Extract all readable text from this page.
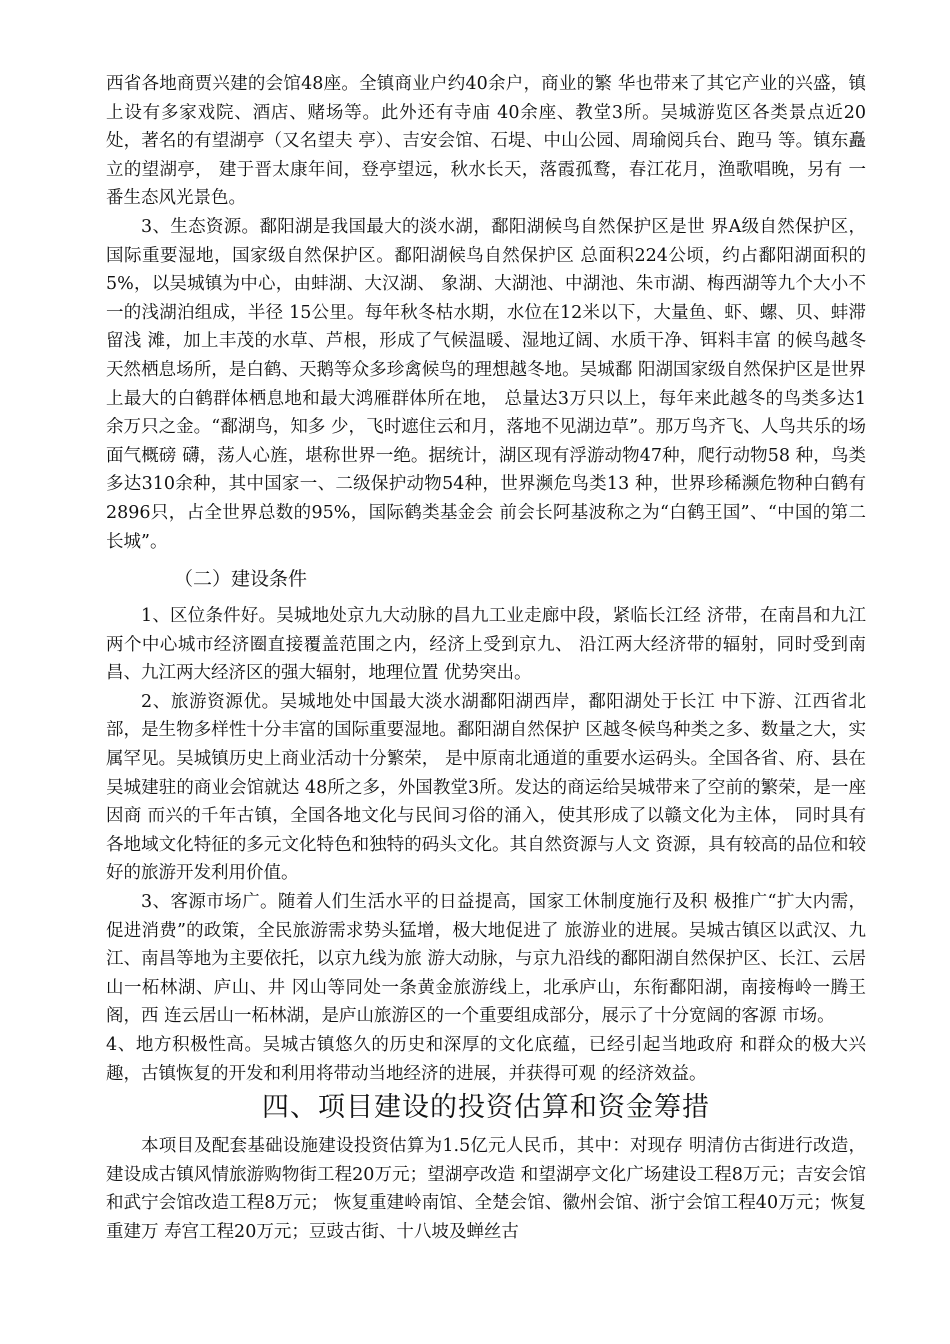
西省各地商贾兴建的会馆48座。全镇商业户约40余户，商业的繁 华也带来了其它产业的兴盛，镇上设有多家戏院、酒店、赌场等。此外还有寺庙 40余座、教堂3所。吴城游览区各类景点近20处，著名的有望湖亭（又名望夫 亭）、吉安会馆、石堤、中山公园、周瑜阅兵台、跑马 等。镇东矗立的望湖亭， 建于晋太康年间，登亭望远，秋水长天，落霞孤鹜，春江花月，渔歌唱晚，另有 一番生态风光景色。

3、生态资源。鄱阳湖是我国最大的淡水湖，鄱阳湖候鸟自然保护区是世 界A级自然保护区，国际重要湿地，国家级自然保护区。鄱阳湖候鸟自然保护区 总面积224公顷，约占鄱阳湖面积的5%，以吴城镇为中心，由蚌湖、大汉湖、 象湖、大湖池、中湖池、朱市湖、梅西湖等九个大小不一的浅湖泊组成，半径 15公里。每年秋冬枯水期，水位在12米以下，大量鱼、虾、螺、贝、蚌滞留浅 滩，加上丰茂的水草、芦根，形成了气候温暖、湿地辽阔、水质干净、铒料丰富 的候鸟越冬天然栖息场所，是白鹤、天鹅等众多珍禽候鸟的理想越冬地。吴城鄱 阳湖国家级自然保护区是世界上最大的白鹤群体栖息地和最大鸿雁群体所在地， 总量达3万只以上，每年来此越冬的鸟类多达1余万只之金。“鄱湖鸟，知多 少，飞时遮住云和月，落地不见湖边草”。那万鸟齐飞、人鸟共乐的场面气概磅 礴，荡人心旌，堪称世界一绝。据统计，湖区现有浮游动物47种，爬行动物58 种，鸟类多达310余种，其中国家一、二级保护动物54种，世界濒危鸟类13 种，世界珍稀濒危物种白鹤有2896只，占全世界总数的95%，国际鹤类基金会 前会长阿基波称之为“白鹤王国”、“中国的第二长城”。

（二）建设条件

1、区位条件好。吴城地处京九大动脉的昌九工业走廊中段，紧临长江经 济带，在南昌和九江两个中心城市经济圈直接覆盖范围之内，经济上受到京九、 沿江两大经济带的辐射，同时受到南昌、九江两大经济区的强大辐射，地理位置 优势突出。

2、旅游资源优。吴城地处中国最大淡水湖鄱阳湖西岸，鄱阳湖处于长江 中下游、江西省北部，是生物多样性十分丰富的国际重要湿地。鄱阳湖自然保护 区越冬候鸟种类之多、数量之大，实属罕见。吴城镇历史上商业活动十分繁荣， 是中原南北通道的重要水运码头。全国各省、府、县在吴城建驻的商业会馆就达 48所之多，外国教堂3所。发达的商运给吴城带来了空前的繁荣，是一座因商 而兴的千年古镇，全国各地文化与民间习俗的涌入，使其形成了以赣文化为主体， 同时具有各地域文化特征的多元文化特色和独特的码头文化。其自然资源与人文 资源，具有较高的品位和较好的旅游开发利用价值。

3、客源市场广。随着人们生活水平的日益提高，国家工休制度施行及积 极推广“扩大内需，促进消费”的政策，全民旅游需求势头猛增，极大地促进了 旅游业的进展。吴城古镇区以武汉、九江、南昌等地为主要依托，以京九线为旅 游大动脉，与京九沿线的鄱阳湖自然保护区、长江、云居山一柘林湖、庐山、井 冈山等同处一条黄金旅游线上，北承庐山，东衔鄱阳湖，南接梅岭一腾王阁，西 连云居山一柘林湖，是庐山旅游区的一个重要组成部分，展示了十分宽阔的客源 市场。

4、地方积极性高。吴城古镇悠久的历史和深厚的文化底蕴，已经引起当地政府 和群众的极大兴趣，古镇恢复的开发和利用将带动当地经济的进展，并获得可观 的经济效益。

四、项目建设的投资估算和资金筹措

本项目及配套基础设施建设投资估算为1.5亿元人民币，其中：对现存 明清仿古街进行改造，建设成古镇风情旅游购物街工程20万元；望湖亭改造 和望湖亭文化广场建设工程8万元；吉安会馆和武宁会馆改造工程8万元； 恢复重建岭南馆、全楚会馆、徽州会馆、浙宁会馆工程40万元；恢复重建万 寿宫工程20万元；豆豉古街、十八坡及蝉丝古
